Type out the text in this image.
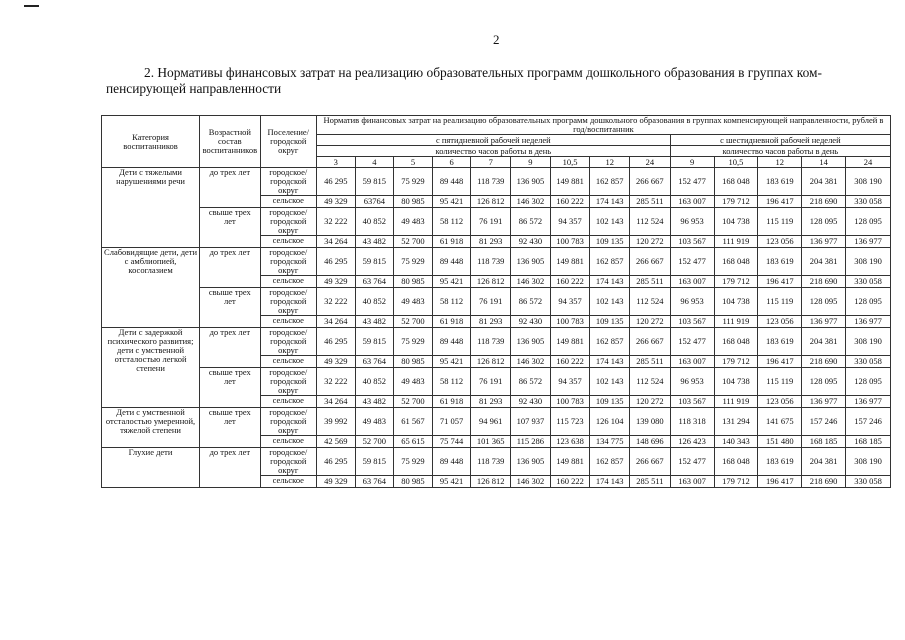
2
2. Нормативы финансовых затрат на реализацию образовательных программ дошкольного образования в группах ком-
пенсирующей направленности
Категория воспитанников	Возрастной состав воспитанников	Поселение/ городской округ	Норматив финансовых затрат на реализацию образовательных программ дошкольного образования в группах компенсирующей направленности, рублей в год/воспитанник													
			с пятидневной рабочей неделей									с шестидневной рабочей неделей				
			количество часов работы в день									количество часов работы в день				
			3	4	5	6	7	9	10,5	12	24	9	10,5	12	14	24
Дети с тяжелыми нарушениями речи	до трех лет	городское/ городской округ	46 295	59 815	75 929	89 448	118 739	136 905	149 881	162 857	266 667	152 477	168 048	183 619	204 381	308 190
		сельское	49 329	63764	80 985	95 421	126 812	146 302	160 222	174 143	285 511	163 007	179 712	196 417	218 690	330 058
	свыше трех лет	городское/ городской округ	32 222	40 852	49 483	58 112	76 191	86 572	94 357	102 143	112 524	96 953	104 738	115 119	128 095	128 095
		сельское	34 264	43 482	52 700	61 918	81 293	92 430	100 783	109 135	120 272	103 567	111 919	123 056	136 977	136 977
Слабовидящие дети, дети с амблиопией, косоглазием	до трех лет	городское/ городской округ	46 295	59 815	75 929	89 448	118 739	136 905	149 881	162 857	266 667	152 477	168 048	183 619	204 381	308 190
		сельское	49 329	63 764	80 985	95 421	126 812	146 302	160 222	174 143	285 511	163 007	179 712	196 417	218 690	330 058
	свыше трех лет	городское/ городской округ	32 222	40 852	49 483	58 112	76 191	86 572	94 357	102 143	112 524	96 953	104 738	115 119	128 095	128 095
		сельское	34 264	43 482	52 700	61 918	81 293	92 430	100 783	109 135	120 272	103 567	111 919	123 056	136 977	136 977
Дети с задержкой психического развития; дети с умственной отсталостью легкой степени	до трех лет	городское/ городской округ	46 295	59 815	75 929	89 448	118 739	136 905	149 881	162 857	266 667	152 477	168 048	183 619	204 381	308 190
		сельское	49 329	63 764	80 985	95 421	126 812	146 302	160 222	174 143	285 511	163 007	179 712	196 417	218 690	330 058
	свыше трех лет	городское/ городской округ	32 222	40 852	49 483	58 112	76 191	86 572	94 357	102 143	112 524	96 953	104 738	115 119	128 095	128 095
		сельское	34 264	43 482	52 700	61 918	81 293	92 430	100 783	109 135	120 272	103 567	111 919	123 056	136 977	136 977
Дети с умственной отсталостью умеренной, тяжелой степени	свыше трех лет	городское/ городской округ	39 992	49 483	61 567	71 057	94 961	107 937	115 723	126 104	139 080	118 318	131 294	141 675	157 246	157 246
		сельское	42 569	52 700	65 615	75 744	101 365	115 286	123 638	134 775	148 696	126 423	140 343	151 480	168 185	168 185
Глухие дети	до трех лет	городское/ городской округ	46 295	59 815	75 929	89 448	118 739	136 905	149 881	162 857	266 667	152 477	168 048	183 619	204 381	308 190
		сельское	49 329	63 764	80 985	95 421	126 812	146 302	160 222	174 143	285 511	163 007	179 712	196 417	218 690	330 058
